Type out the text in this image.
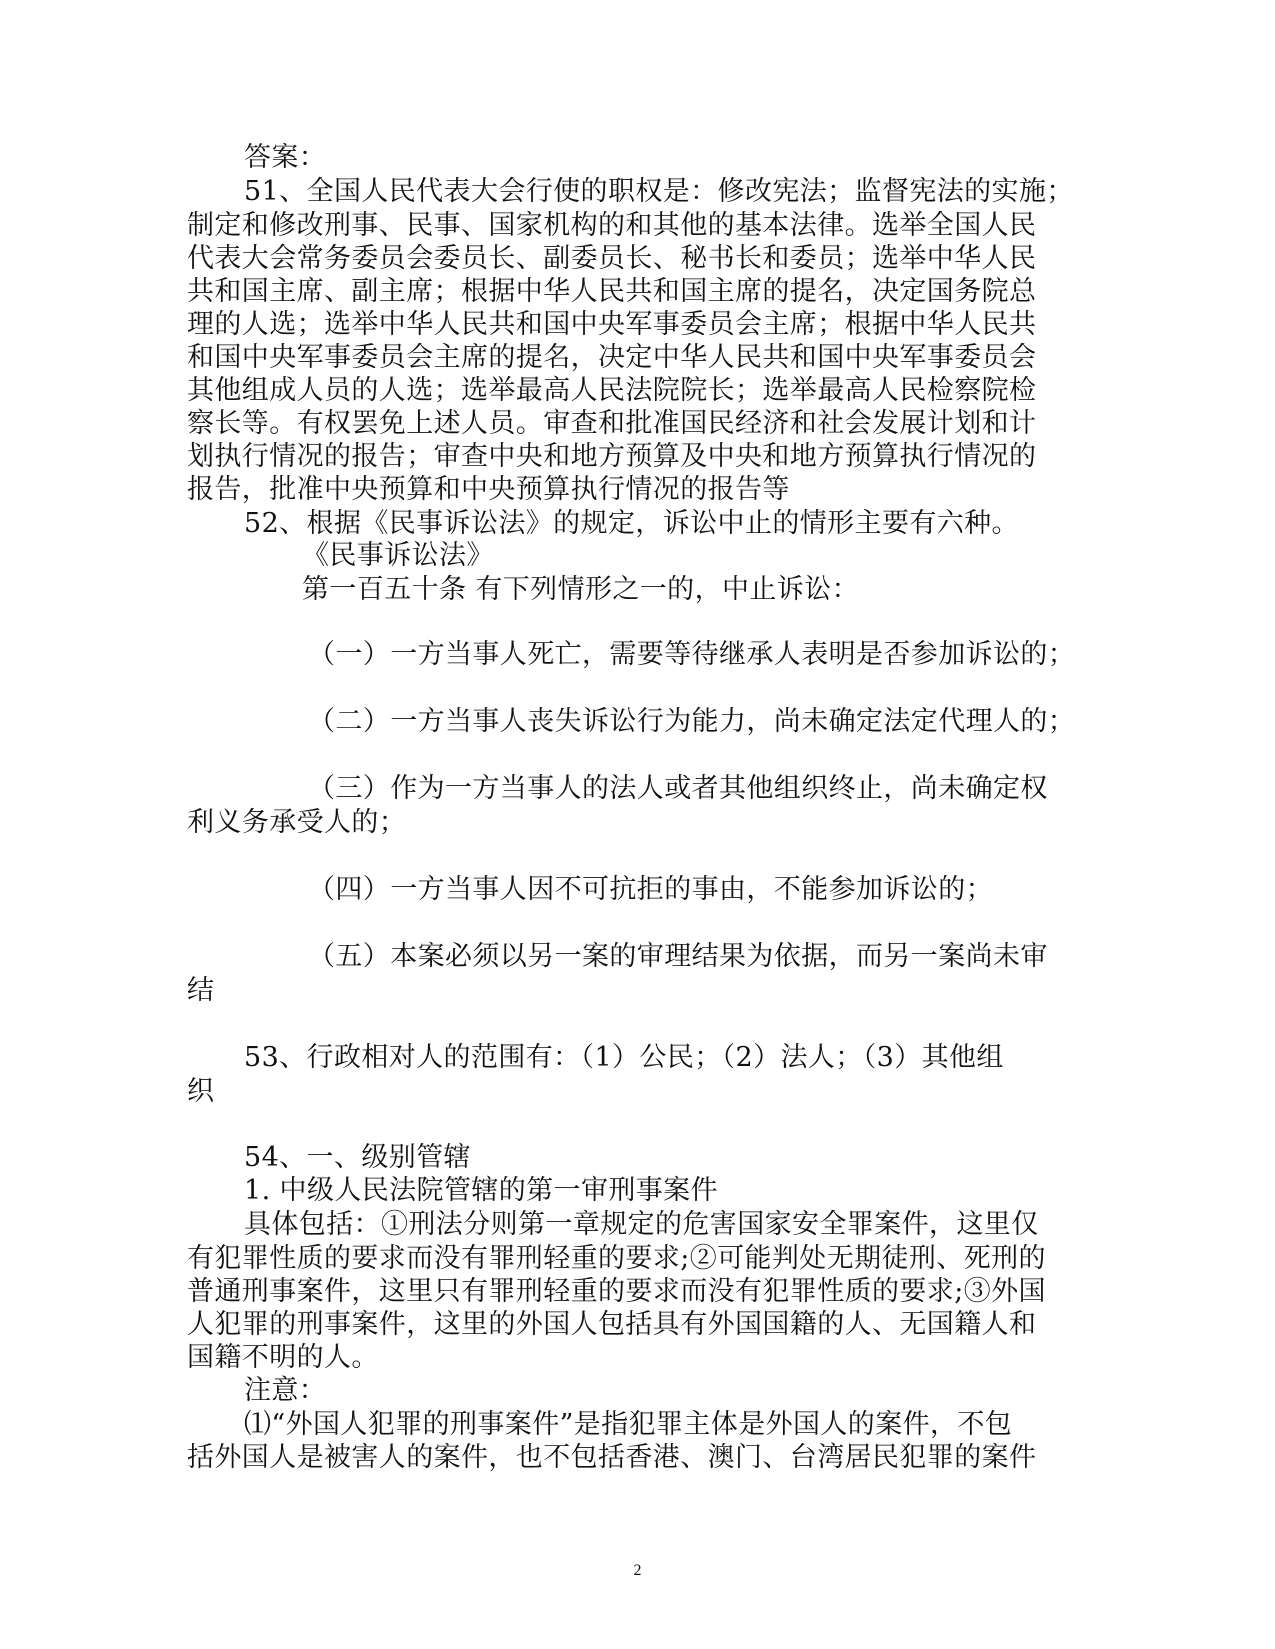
答案：
51、全国人民代表大会行使的职权是：修改宪法；监督宪法的实施；
制定和修改刑事、民事、国家机构的和其他的基本法律。选举全国人民
代表大会常务委员会委员长、副委员长、秘书长和委员；选举中华人民
共和国主席、副主席；根据中华人民共和国主席的提名，决定国务院总
理的人选；选举中华人民共和国中央军事委员会主席；根据中华人民共
和国中央军事委员会主席的提名，决定中华人民共和国中央军事委员会
其他组成人员的人选；选举最高人民法院院长；选举最高人民检察院检
察长等。有权罢免上述人员。审查和批准国民经济和社会发展计划和计
划执行情况的报告；审查中央和地方预算及中央和地方预算执行情况的
报告，批准中央预算和中央预算执行情况的报告等
52、根据《民事诉讼法》的规定，诉讼中止的情形主要有六种。
《民事诉讼法》
第一百五十条 有下列情形之一的，中止诉讼：
（一）一方当事人死亡，需要等待继承人表明是否参加诉讼的；
（二）一方当事人丧失诉讼行为能力，尚未确定法定代理人的；
（三）作为一方当事人的法人或者其他组织终止，尚未确定权
利义务承受人的；
（四）一方当事人因不可抗拒的事由，不能参加诉讼的；
（五）本案必须以另一案的审理结果为依据，而另一案尚未审
结
53、行政相对人的范围有：（1）公民；（2）法人；（3）其他组
织
54、一、级别管辖
1. 中级人民法院管辖的第一审刑事案件
具体包括：①刑法分则第一章规定的危害国家安全罪案件，这里仅
有犯罪性质的要求而没有罪刑轻重的要求;②可能判处无期徒刑、死刑的
普通刑事案件，这里只有罪刑轻重的要求而没有犯罪性质的要求;③外国
人犯罪的刑事案件，这里的外国人包括具有外国国籍的人、无国籍人和
国籍不明的人。
注意：
⑴“外国人犯罪的刑事案件”是指犯罪主体是外国人的案件，不包
括外国人是被害人的案件，也不包括香港、澳门、台湾居民犯罪的案件
2
